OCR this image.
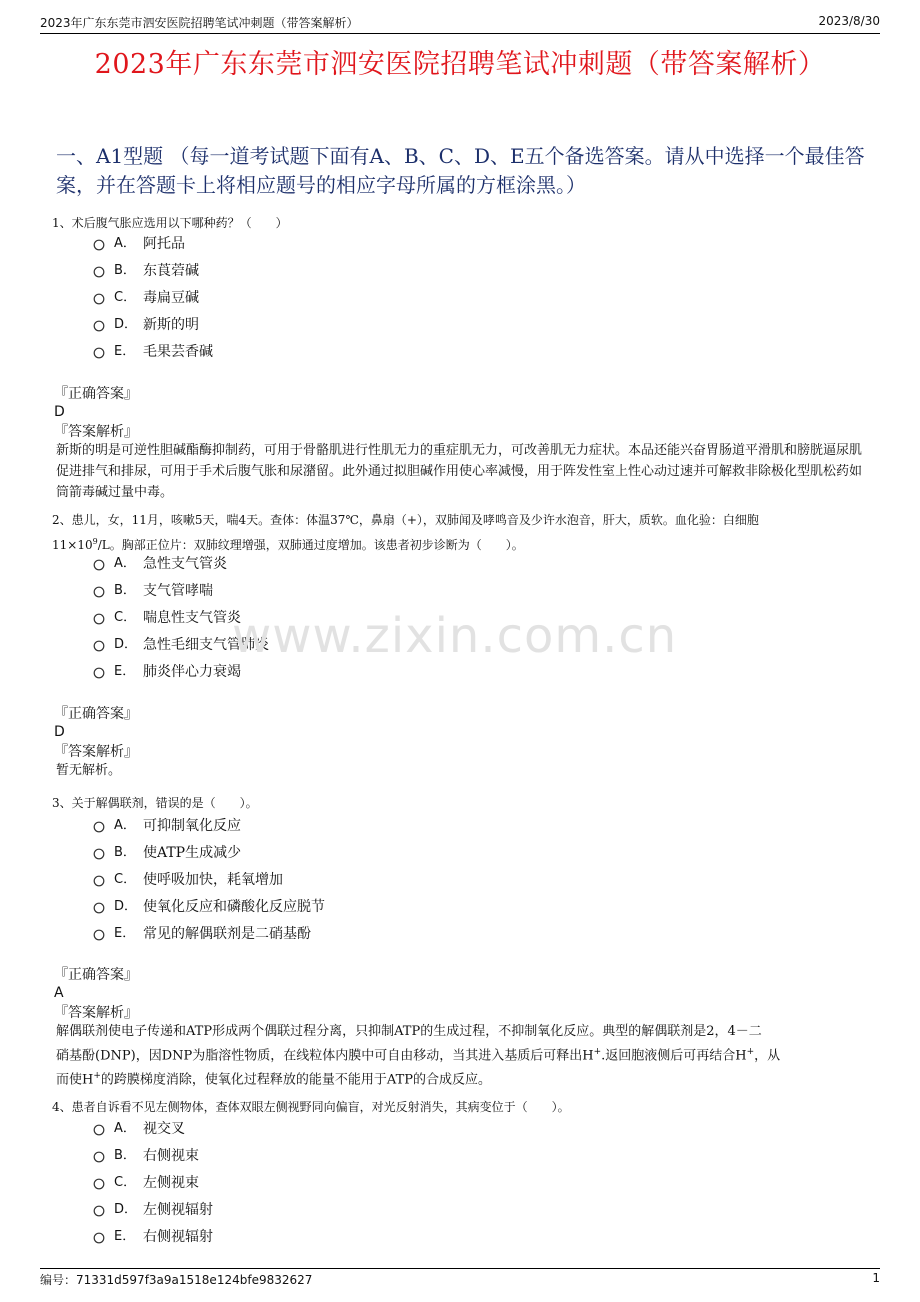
2023年广东东莞市泗安医院招聘笔试冲刺题（带答案解析）	2023/8/30
2023年广东东莞市泗安医院招聘笔试冲刺题（带答案解析）
一、A1型题 （每一道考试题下面有A、B、C、D、E五个备选答案。请从中选择一个最佳答案，并在答题卡上将相应题号的相应字母所属的方框涂黑。）
1、术后腹气胀应选用以下哪种药？（　　）
A． 阿托品
B． 东莨菪碱
C． 毒扁豆碱
D． 新斯的明
E． 毛果芸香碱
『正确答案』
D
『答案解析』
新斯的明是可逆性胆碱酯酶抑制药，可用于骨骼肌进行性肌无力的重症肌无力，可改善肌无力症状。本品还能兴奋胃肠道平滑肌和膀胱逼尿肌促进排气和排尿，可用于手术后腹气胀和尿潴留。此外通过拟胆碱作用使心率减慢，用于阵发性室上性心动过速并可解救非除极化型肌松药如筒箭毒碱过量中毒。
2、患儿，女，11月，咳嗽5天，喘4天。查体：体温37℃，鼻扇（+），双肺闻及哮鸣音及少许水泡音，肝大，质软。血化验：白细胞
$11\times 10^9/L$。胸部正位片：双肺纹理增强，双肺通过度增加。该患者初步诊断为（　　）。
A． 急性支气管炎
B． 支气管哮喘
C． 喘息性支气管炎
D． 急性毛细支气管肺炎
E． 肺炎伴心力衰竭
www.zixin.com.cn
『正确答案』
D
『答案解析』
暂无解析。
3、关于解偶联剂，错误的是（　　）。
A． 可抑制氧化反应
B． 使ATP生成减少
C． 使呼吸加快，耗氧增加
D． 使氧化反应和磷酸化反应脱节
E． 常见的解偶联剂是二硝基酚
『正确答案』
A
『答案解析』
解偶联剂使电子传递和ATP形成两个偶联过程分离，只抑制ATP的生成过程，不抑制氧化反应。典型的解偶联剂是2，4－二
硝基酚(DNP)，因DNP为脂溶性物质，在线粒体内膜中可自由移动，当其进入基质后可释出H+.返回胞液侧后可再结合H+，从
而使H+的跨膜梯度消除，使氧化过程释放的能量不能用于ATP的合成反应。
4、患者自诉看不见左侧物体，查体双眼左侧视野同向偏盲，对光反射消失，其病变位于（　　）。
A． 视交叉
B． 右侧视束
C． 左侧视束
D． 左侧视辐射
E． 右侧视辐射
编号：71331d597f3a9a1518e124bfe9832627	1
